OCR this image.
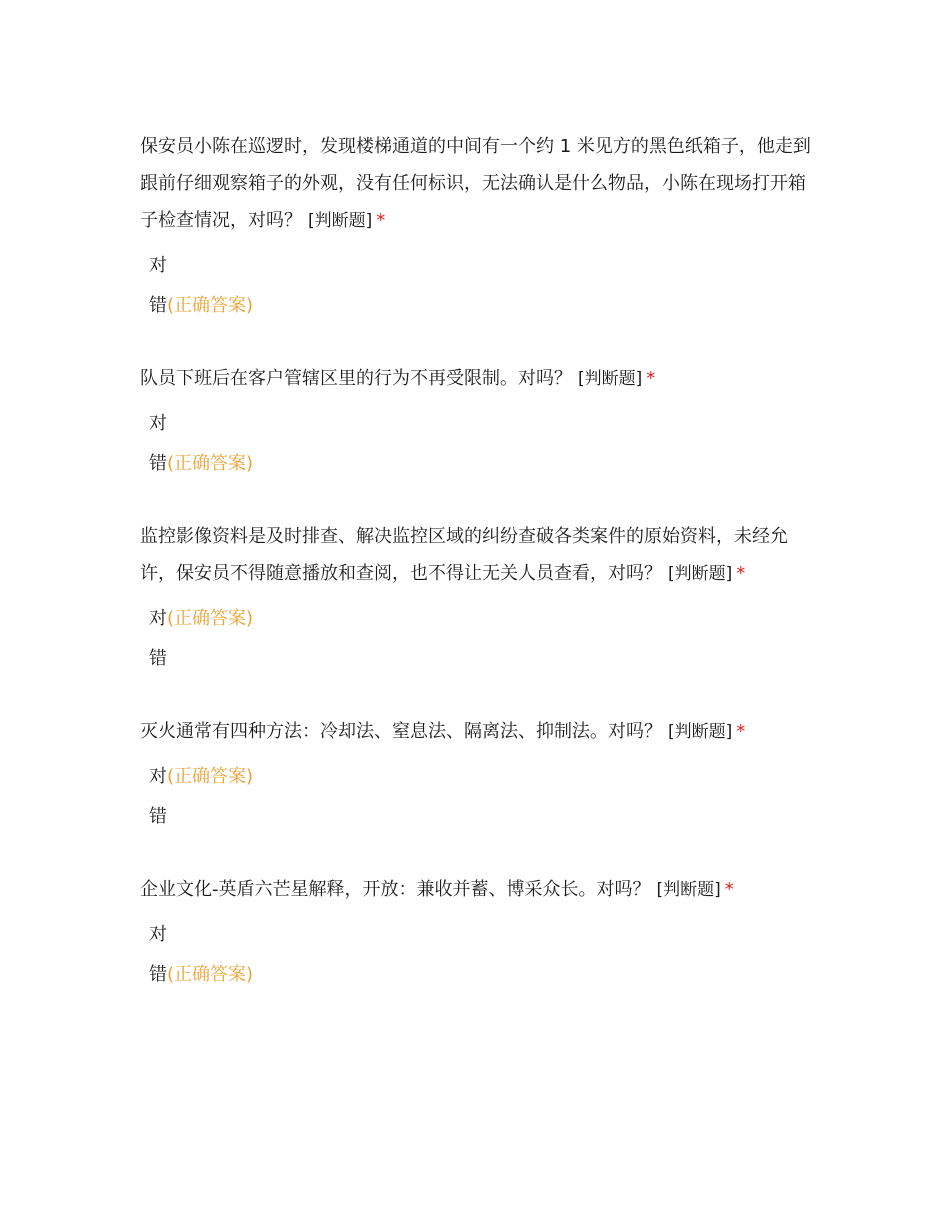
保安员小陈在巡逻时，发现楼梯通道的中间有一个约 1 米见方的黑色纸箱子，他走到跟前仔细观察箱子的外观，没有任何标识，无法确认是什么物品，小陈在现场打开箱子检查情况，对吗？ [判断题] *

对
错(正确答案)

队员下班后在客户管辖区里的行为不再受限制。对吗？ [判断题] *

对
错(正确答案)

监控影像资料是及时排查、解决监控区域的纠纷查破各类案件的原始资料，未经允许，保安员不得随意播放和查阅，也不得让无关人员查看，对吗？ [判断题] *

对(正确答案)
错

灭火通常有四种方法：冷却法、窒息法、隔离法、抑制法。对吗？ [判断题] *

对(正确答案)
错

企业文化-英盾六芒星解释，开放：兼收并蓄、博采众长。对吗？ [判断题] *

对
错(正确答案)
